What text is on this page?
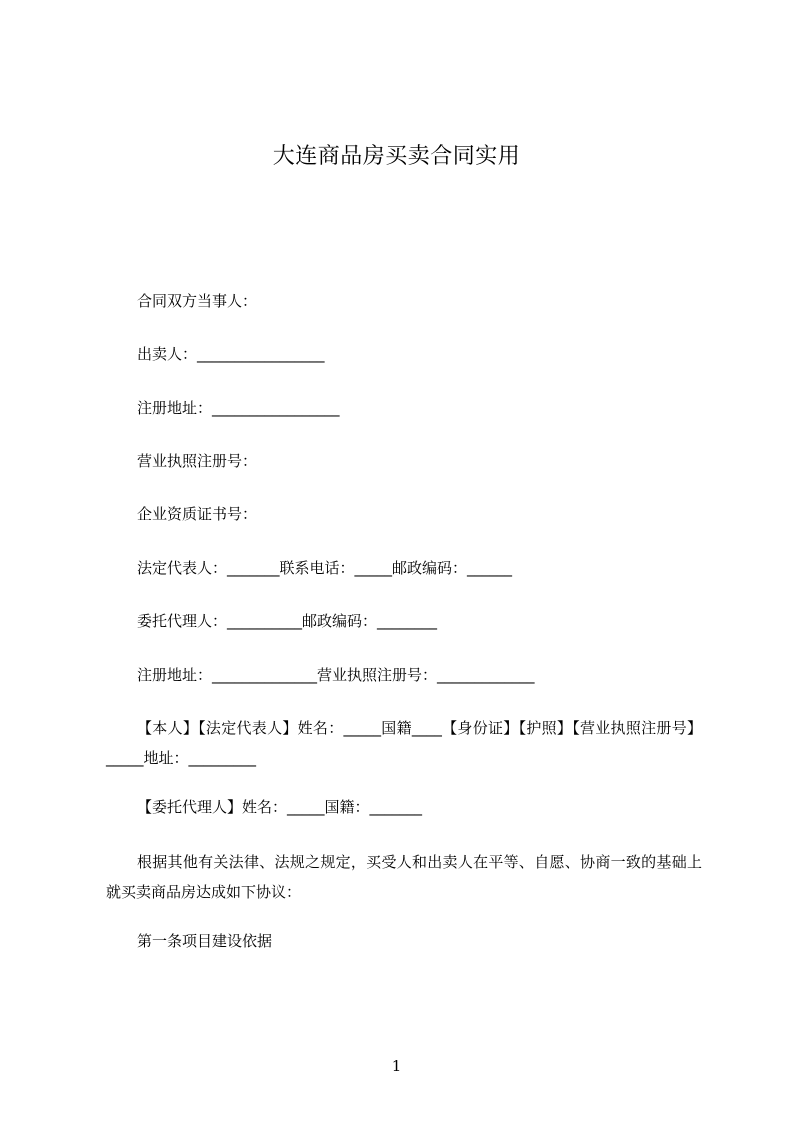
大连商品房买卖合同实用
合同双方当事人：
出卖人：_________________
注册地址：_________________
营业执照注册号：
企业资质证书号：
法定代表人：_______联系电话：_____邮政编码：______
委托代理人：__________邮政编码：________
注册地址：______________营业执照注册号：_____________
【本人】【法定代表人】姓名：_____国籍____【身份证】【护照】【营业执照注册号】_____地址：_________
【委托代理人】姓名：_____国籍：_______
根据其他有关法律、法规之规定，买受人和出卖人在平等、自愿、协商一致的基础上就买卖商品房达成如下协议：
第一条项目建设依据
1
